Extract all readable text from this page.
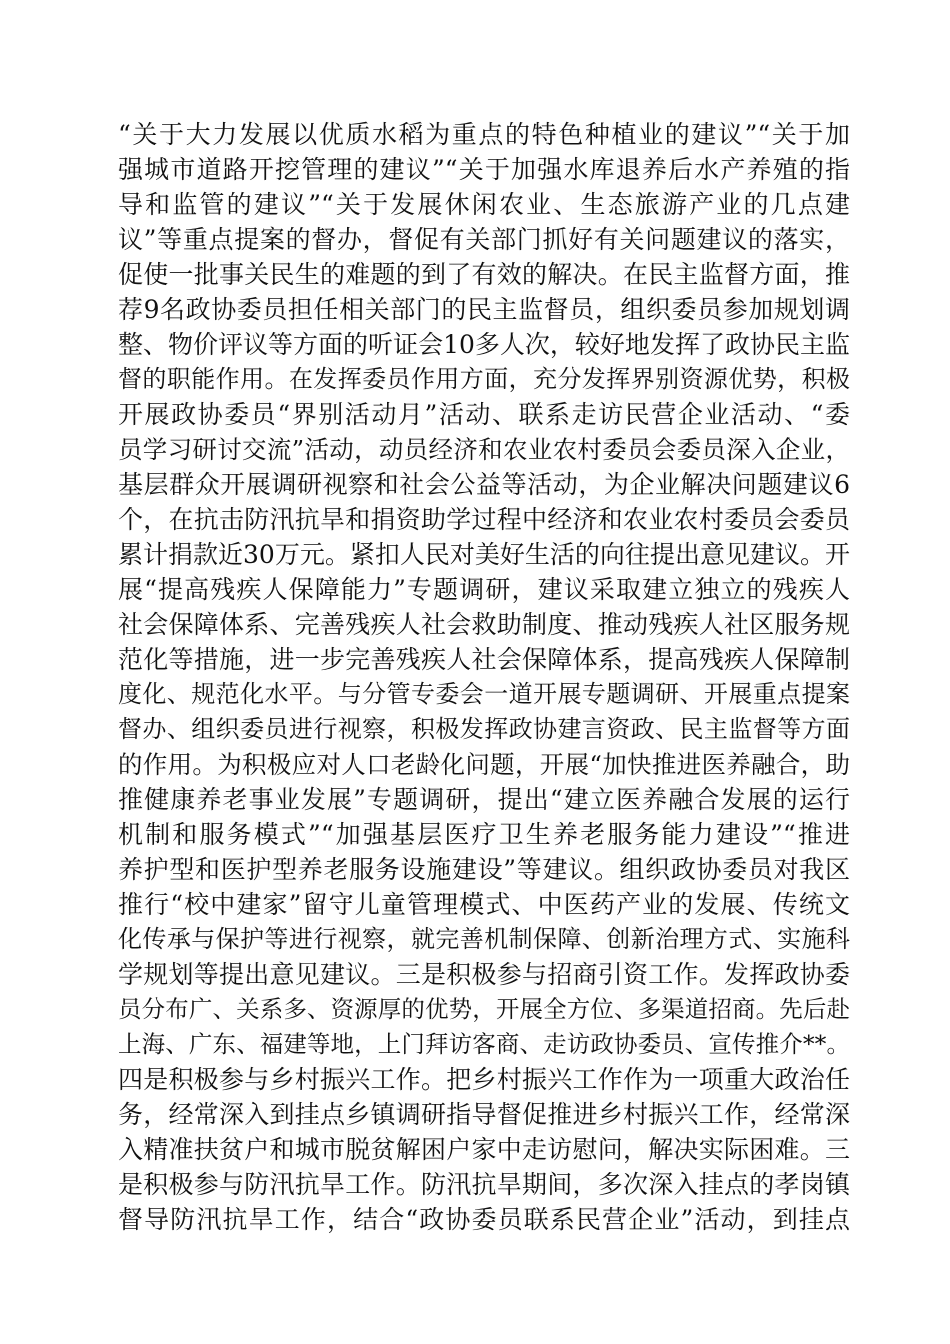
“关于大力发展以优质水稻为重点的特色种植业的建议”“关于加
强城市道路开挖管理的建议”“关于加强水库退养后水产养殖的指
导和监管的建议”“关于发展休闲农业、生态旅游产业的几点建
议”等重点提案的督办，督促有关部门抓好有关问题建议的落实，
促使一批事关民生的难题的到了有效的解决。在民主监督方面，推
荐9名政协委员担任相关部门的民主监督员，组织委员参加规划调
整、物价评议等方面的听证会10多人次，较好地发挥了政协民主监
督的职能作用。在发挥委员作用方面，充分发挥界别资源优势，积极
开展政协委员“界别活动月”活动、联系走访民营企业活动、“委
员学习研讨交流”活动，动员经济和农业农村委员会委员深入企业，
基层群众开展调研视察和社会公益等活动，为企业解决问题建议6
个，在抗击防汛抗旱和捐资助学过程中经济和农业农村委员会委员
累计捐款近30万元。紧扣人民对美好生活的向往提出意见建议。开
展“提高残疾人保障能力”专题调研，建议采取建立独立的残疾人
社会保障体系、完善残疾人社会救助制度、推动残疾人社区服务规
范化等措施，进一步完善残疾人社会保障体系，提高残疾人保障制
度化、规范化水平。与分管专委会一道开展专题调研、开展重点提案
督办、组织委员进行视察，积极发挥政协建言资政、民主监督等方面
的作用。为积极应对人口老龄化问题，开展“加快推进医养融合，助
推健康养老事业发展”专题调研，提出“建立医养融合发展的运行
机制和服务模式”“加强基层医疗卫生养老服务能力建设”“推进
养护型和医护型养老服务设施建设”等建议。组织政协委员对我区
推行“校中建家”留守儿童管理模式、中医药产业的发展、传统文
化传承与保护等进行视察，就完善机制保障、创新治理方式、实施科
学规划等提出意见建议。三是积极参与招商引资工作。发挥政协委
员分布广、关系多、资源厚的优势，开展全方位、多渠道招商。先后赴
上海、广东、福建等地，上门拜访客商、走访政协委员、宣传推介**。
四是积极参与乡村振兴工作。把乡村振兴工作作为一项重大政治任
务，经常深入到挂点乡镇调研指导督促推进乡村振兴工作，经常深
入精准扶贫户和城市脱贫解困户家中走访慰问，解决实际困难。三
是积极参与防汛抗旱工作。防汛抗旱期间，多次深入挂点的孝岗镇
督导防汛抗旱工作，结合“政协委员联系民营企业”活动，到挂点
